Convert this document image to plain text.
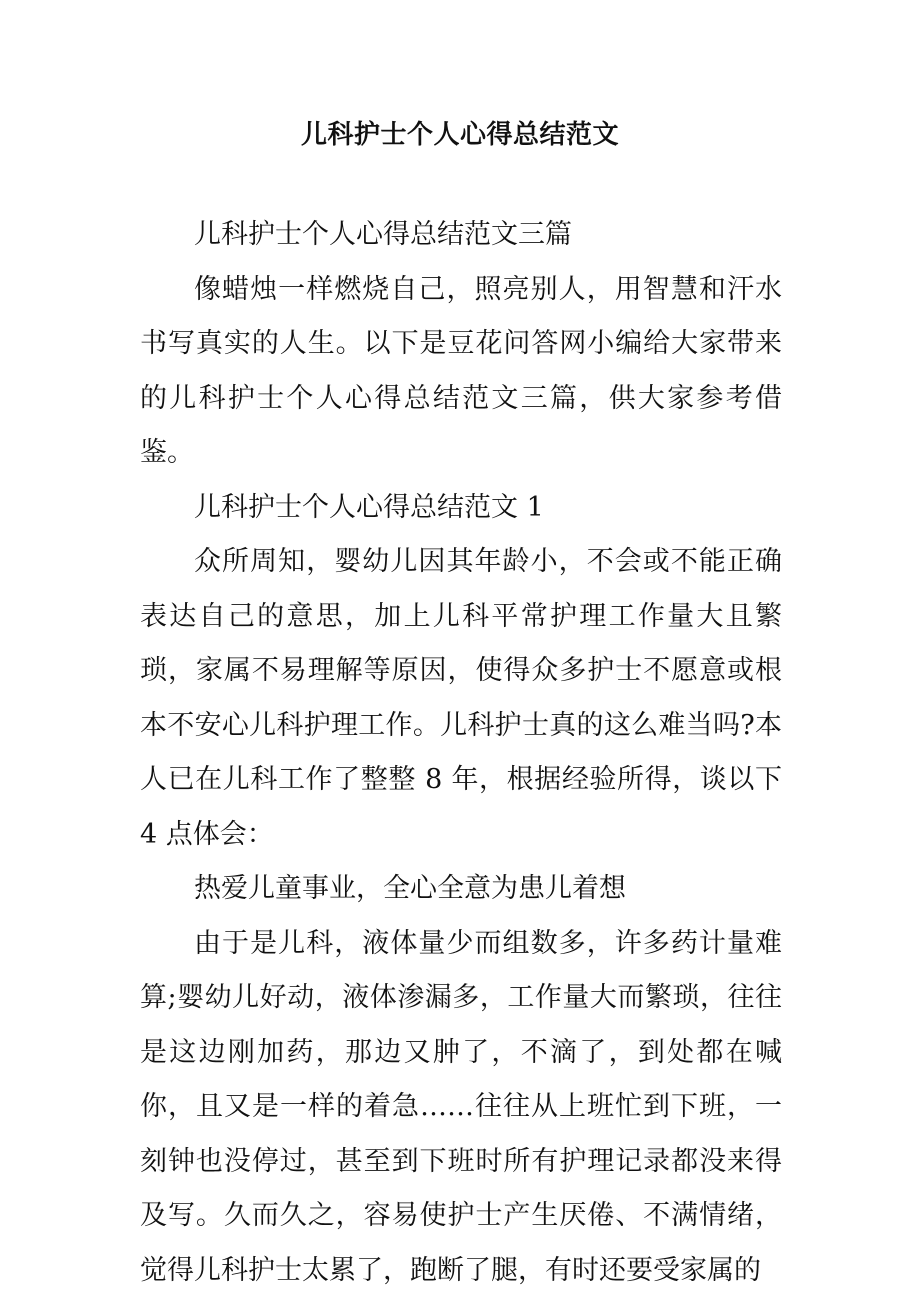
儿科护士个人心得总结范文

儿科护士个人心得总结范文三篇

像蜡烛一样燃烧自己，照亮别人，用智慧和汗水书写真实的人生。以下是豆花问答网小编给大家带来的儿科护士个人心得总结范文三篇，供大家参考借鉴。

儿科护士个人心得总结范文 1

众所周知，婴幼儿因其年龄小，不会或不能正确表达自己的意思，加上儿科平常护理工作量大且繁琐，家属不易理解等原因，使得众多护士不愿意或根本不安心儿科护理工作。儿科护士真的这么难当吗?本人已在儿科工作了整整 8 年，根据经验所得，谈以下 4 点体会：

热爱儿童事业，全心全意为患儿着想

由于是儿科，液体量少而组数多，许多药计量难算;婴幼儿好动，液体渗漏多，工作量大而繁琐，往往是这边刚加药，那边又肿了，不滴了，到处都在喊你，且又是一样的着急……往往从上班忙到下班，一刻钟也没停过，甚至到下班时所有护理记录都没来得及写。久而久之，容易使护士产生厌倦、不满情绪，觉得儿科护士太累了，跑断了腿，有时还要受家属的
